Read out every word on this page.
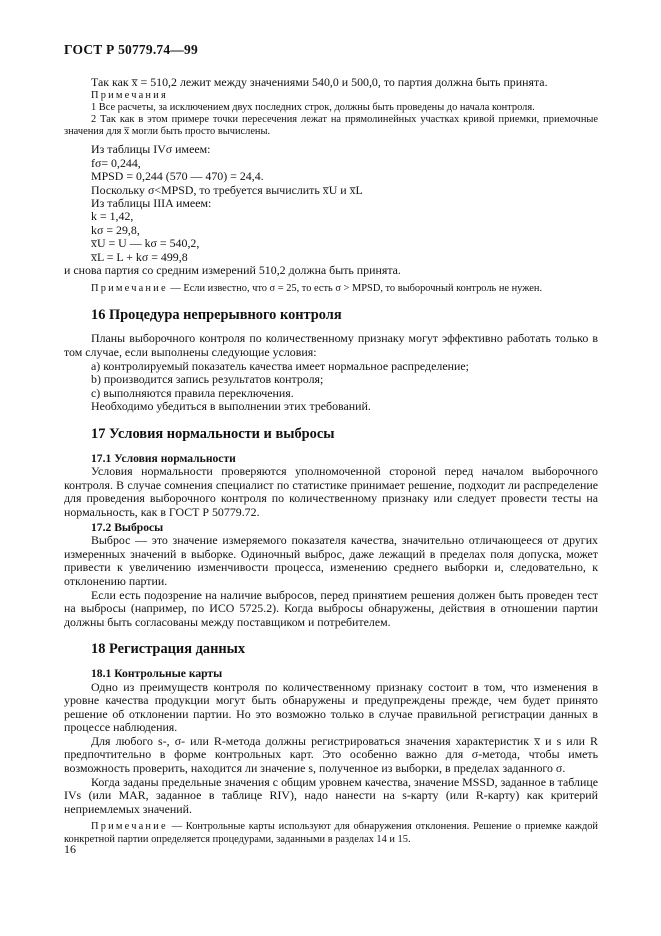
ГОСТ Р 50779.74—99

Так как x̅ = 510,2 лежит между значениями 540,0 и 500,0, то партия должна быть принята.

Примечания

1 Все расчеты, за исключением двух последних строк, должны быть проведены до начала контроля.

2 Так как в этом примере точки пересечения лежат на прямолинейных участках кривой приемки, приемочные значения для x̅ могли быть просто вычислены.

Из таблицы IVσ имеем:

fσ= 0,244,

MPSD = 0,244 (570 — 470) = 24,4.

Поскольку σ<MPSD, то требуется вычислить x̅U и x̅L

Из таблицы IIIA имеем:

k = 1,42,

kσ = 29,8,

x̅U = U — kσ = 540,2,

x̅L = L + kσ = 499,8

и снова партия со средним измерений 510,2 должна быть принята.

Примечание — Если известно, что σ = 25, то есть σ > MPSD, то выборочный контроль не нужен.

16 Процедура непрерывного контроля

Планы выборочного контроля по количественному признаку могут эффективно работать только в том случае, если выполнены следующие условия:

а) контролируемый показатель качества имеет нормальное распределение;

b) производится запись результатов контроля;

с) выполняются правила переключения.

Необходимо убедиться в выполнении этих требований.

17 Условия нормальности и выбросы
17.1 Условия нормальности

Условия нормальности проверяются уполномоченной стороной перед началом выборочного контроля. В случае сомнения специалист по статистике принимает решение, подходит ли распределение для проведения выборочного контроля по количественному признаку или следует провести тесты на нормальность, как в ГОСТ Р 50779.72.

17.2 Выбросы

Выброс — это значение измеряемого показателя качества, значительно отличающееся от других измеренных значений в выборке. Одиночный выброс, даже лежащий в пределах поля допуска, может привести к увеличению изменчивости процесса, изменению среднего выборки и, следовательно, к отклонению партии.

Если есть подозрение на наличие выбросов, перед принятием решения должен быть проведен тест на выбросы (например, по ИСО 5725.2). Когда выбросы обнаружены, действия в отношении партии должны быть согласованы между поставщиком и потребителем.

18 Регистрация данных
18.1 Контрольные карты

Одно из преимуществ контроля по количественному признаку состоит в том, что изменения в уровне качества продукции могут быть обнаружены и предупреждены прежде, чем будет принято решение об отклонении партии. Но это возможно только в случае правильной регистрации данных в процессе наблюдения.

Для любого s-, σ- или R-метода должны регистрироваться значения характеристик x̅ и s или R предпочтительно в форме контрольных карт. Это особенно важно для σ-метода, чтобы иметь возможность проверить, находится ли значение s, полученное из выборки, в пределах заданного σ.

Когда заданы предельные значения с общим уровнем качества, значение MSSD, заданное в таблице IVs (или MAR, заданное в таблице RIV), надо нанести на s-карту (или R-карту) как критерий неприемлемых значений.

Примечание — Контрольные карты используют для обнаружения отклонения. Решение о приемке каждой конкретной партии определяется процедурами, заданными в разделах 14 и 15.

16
